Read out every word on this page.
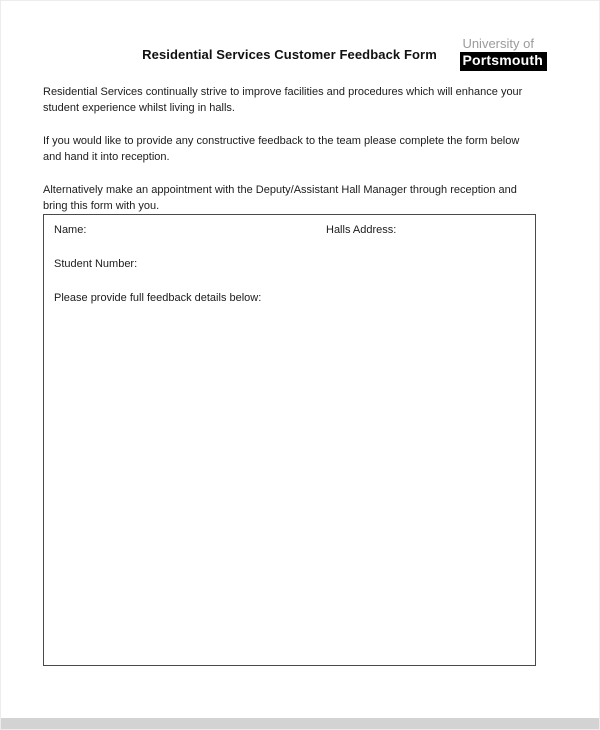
Residential Services Customer Feedback Form
University of
Portsmouth

Residential Services continually strive to improve facilities and procedures which will enhance your student experience whilst living in halls.

If you would like to provide any constructive feedback to the team please complete the form below and hand it into reception.

Alternatively make an appointment with the Deputy/Assistant Hall Manager through reception and bring this form with you.

Name:	Halls Address:
Student Number:
Please provide full feedback details below:
